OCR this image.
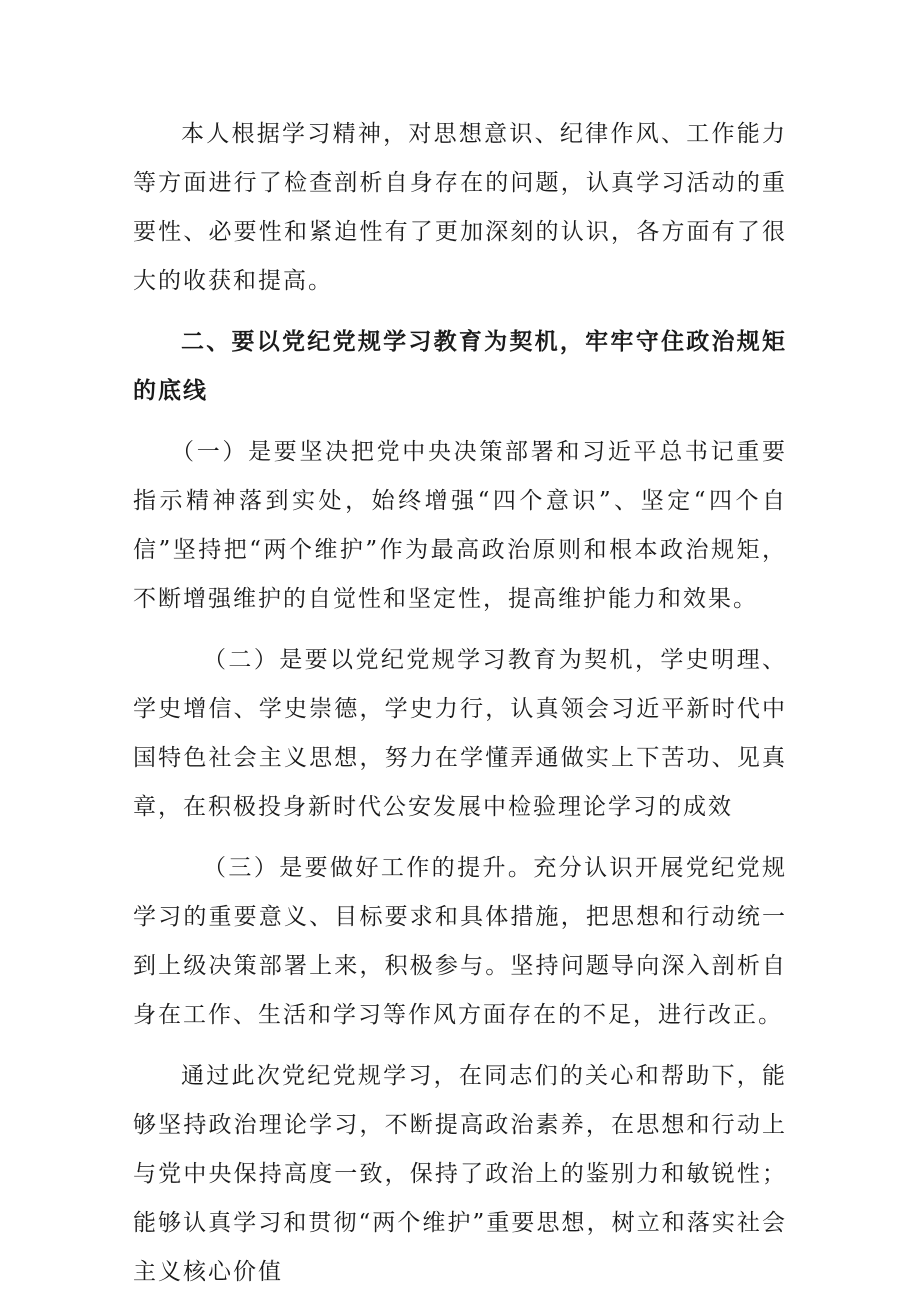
本人根据学习精神，对思想意识、纪律作风、工作能力等方面进行了检查剖析自身存在的问题，认真学习活动的重要性、必要性和紧迫性有了更加深刻的认识，各方面有了很大的收获和提高。

二、要以党纪党规学习教育为契机，牢牢守住政治规矩的底线

（一）是要坚决把党中央决策部署和习近平总书记重要指示精神落到实处，始终增强“四个意识”、坚定“四个自信”坚持把“两个维护”作为最高政治原则和根本政治规矩，不断增强维护的自觉性和坚定性，提高维护能力和效果。

（二）是要以党纪党规学习教育为契机，学史明理、学史增信、学史崇德，学史力行，认真领会习近平新时代中国特色社会主义思想，努力在学懂弄通做实上下苦功、见真章，在积极投身新时代公安发展中检验理论学习的成效

（三）是要做好工作的提升。充分认识开展党纪党规学习的重要意义、目标要求和具体措施，把思想和行动统一到上级决策部署上来，积极参与。坚持问题导向深入剖析自身在工作、生活和学习等作风方面存在的不足，进行改正。

通过此次党纪党规学习，在同志们的关心和帮助下，能够坚持政治理论学习，不断提高政治素养，在思想和行动上与党中央保持高度一致，保持了政治上的鉴别力和敏锐性；能够认真学习和贯彻“两个维护”重要思想，树立和落实社会主义核心价值
